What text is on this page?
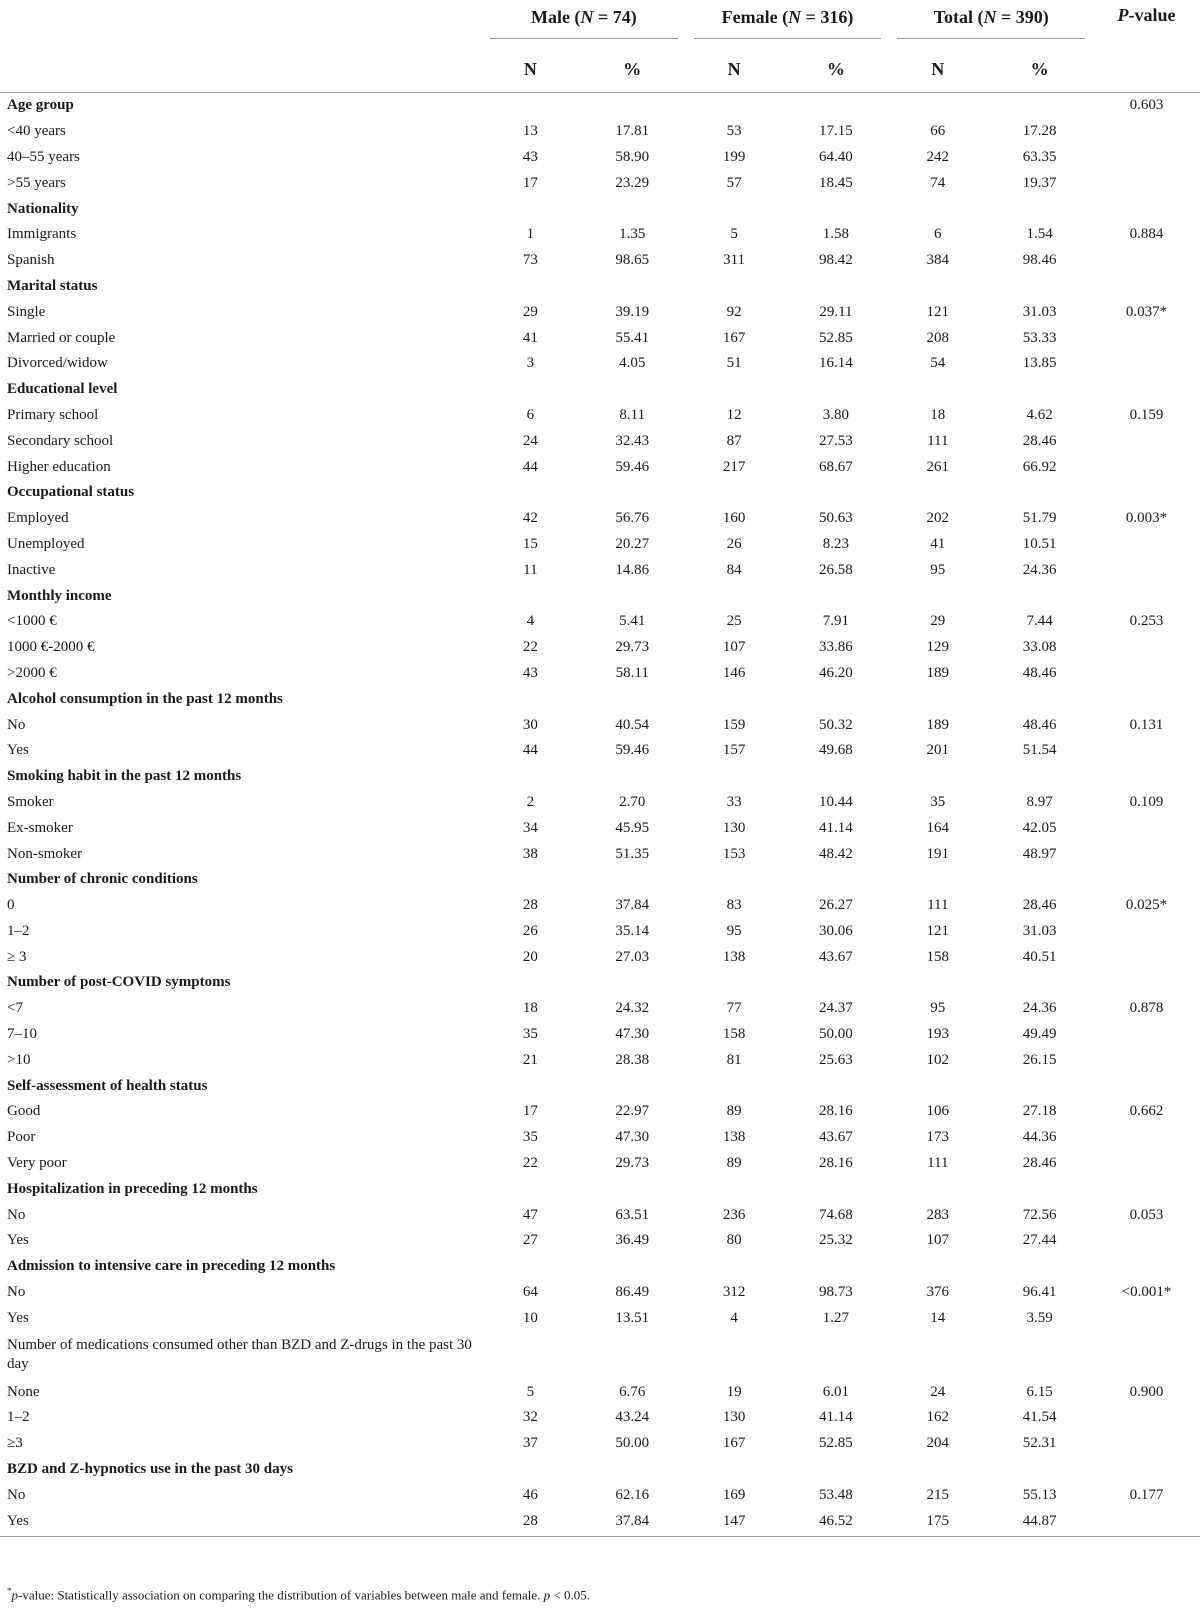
	Male (N = 74)		Female (N = 316)		Total (N = 390)		P-value

	N	%	N	%	N	%	
Age group							0.603
<40 years	13	17.81	53	17.15	66	17.28	
40–55 years	43	58.90	199	64.40	242	63.35	
>55 years	17	23.29	57	18.45	74	19.37	
Nationality							
Immigrants	1	1.35	5	1.58	6	1.54	0.884
Spanish	73	98.65	311	98.42	384	98.46	
Marital status							
Single	29	39.19	92	29.11	121	31.03	0.037*
Married or couple	41	55.41	167	52.85	208	53.33	
Divorced/widow	3	4.05	51	16.14	54	13.85	
Educational level							
Primary school	6	8.11	12	3.80	18	4.62	0.159
Secondary school	24	32.43	87	27.53	111	28.46	
Higher education	44	59.46	217	68.67	261	66.92	
Occupational status							
Employed	42	56.76	160	50.63	202	51.79	0.003*
Unemployed	15	20.27	26	8.23	41	10.51	
Inactive	11	14.86	84	26.58	95	24.36	
Monthly income							
<1000 €	4	5.41	25	7.91	29	7.44	0.253
1000 €-2000 €	22	29.73	107	33.86	129	33.08	
>2000 €	43	58.11	146	46.20	189	48.46	
Alcohol consumption in the past 12 months							
No	30	40.54	159	50.32	189	48.46	0.131
Yes	44	59.46	157	49.68	201	51.54	
Smoking habit in the past 12 months							
Smoker	2	2.70	33	10.44	35	8.97	0.109
Ex-smoker	34	45.95	130	41.14	164	42.05	
Non-smoker	38	51.35	153	48.42	191	48.97	
Number of chronic conditions							
0	28	37.84	83	26.27	111	28.46	0.025*
1–2	26	35.14	95	30.06	121	31.03	
≥ 3	20	27.03	138	43.67	158	40.51	
Number of post-COVID symptoms							
<7	18	24.32	77	24.37	95	24.36	0.878
7–10	35	47.30	158	50.00	193	49.49	
>10	21	28.38	81	25.63	102	26.15	
Self-assessment of health status							
Good	17	22.97	89	28.16	106	27.18	0.662
Poor	35	47.30	138	43.67	173	44.36	
Very poor	22	29.73	89	28.16	111	28.46	
Hospitalization in preceding 12 months							
No	47	63.51	236	74.68	283	72.56	0.053
Yes	27	36.49	80	25.32	107	27.44	
Admission to intensive care in preceding 12 months							
No	64	86.49	312	98.73	376	96.41	<0.001*
Yes	10	13.51	4	1.27	14	3.59	
Number of medications consumed other than BZD and Z-drugs in the past 30 day							
None	5	6.76	19	6.01	24	6.15	0.900
1–2	32	43.24	130	41.14	162	41.54	
≥3	37	50.00	167	52.85	204	52.31	
BZD and Z-hypnotics use in the past 30 days							
No	46	62.16	169	53.48	215	55.13	0.177
Yes	28	37.84	147	46.52	175	44.87	
*p-value: Statistically association on comparing the distribution of variables between male and female. p < 0.05.
